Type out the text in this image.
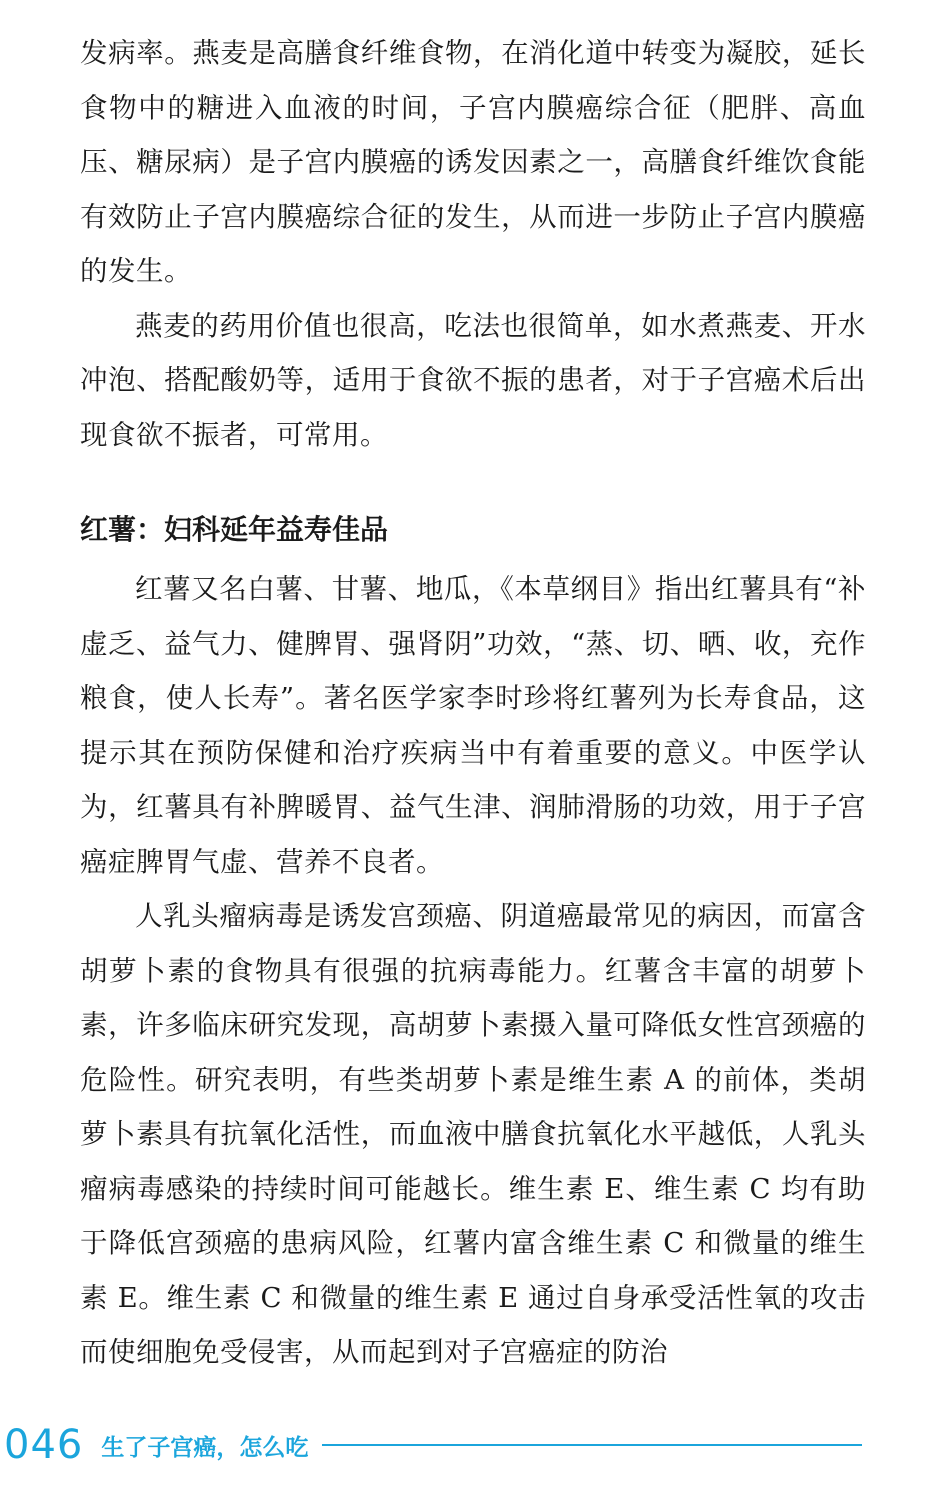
发病率。燕麦是高膳食纤维食物，在消化道中转变为凝胶，延长食物中的糖进入血液的时间，子宫内膜癌综合征（肥胖、高血压、糖尿病）是子宫内膜癌的诱发因素之一，高膳食纤维饮食能有效防止子宫内膜癌综合征的发生，从而进一步防止子宫内膜癌的发生。

燕麦的药用价值也很高，吃法也很简单，如水煮燕麦、开水冲泡、搭配酸奶等，适用于食欲不振的患者，对于子宫癌术后出现食欲不振者，可常用。

红薯：妇科延年益寿佳品

红薯又名白薯、甘薯、地瓜，《本草纲目》指出红薯具有“补虚乏、益气力、健脾胃、强肾阴”功效，“蒸、切、晒、收，充作粮食，使人长寿”。著名医学家李时珍将红薯列为长寿食品，这提示其在预防保健和治疗疾病当中有着重要的意义。中医学认为，红薯具有补脾暖胃、益气生津、润肺滑肠的功效，用于子宫癌症脾胃气虚、营养不良者。

人乳头瘤病毒是诱发宫颈癌、阴道癌最常见的病因，而富含胡萝卜素的食物具有很强的抗病毒能力。红薯含丰富的胡萝卜素，许多临床研究发现，高胡萝卜素摄入量可降低女性宫颈癌的危险性。研究表明，有些类胡萝卜素是维生素 A 的前体，类胡萝卜素具有抗氧化活性，而血液中膳食抗氧化水平越低，人乳头瘤病毒感染的持续时间可能越长。维生素 E、维生素 C 均有助于降低宫颈癌的患病风险，红薯内富含维生素 C 和微量的维生素 E。维生素 C 和微量的维生素 E 通过自身承受活性氧的攻击而使细胞免受侵害，从而起到对子宫癌症的防治

046 生了子宫癌，怎么吃
